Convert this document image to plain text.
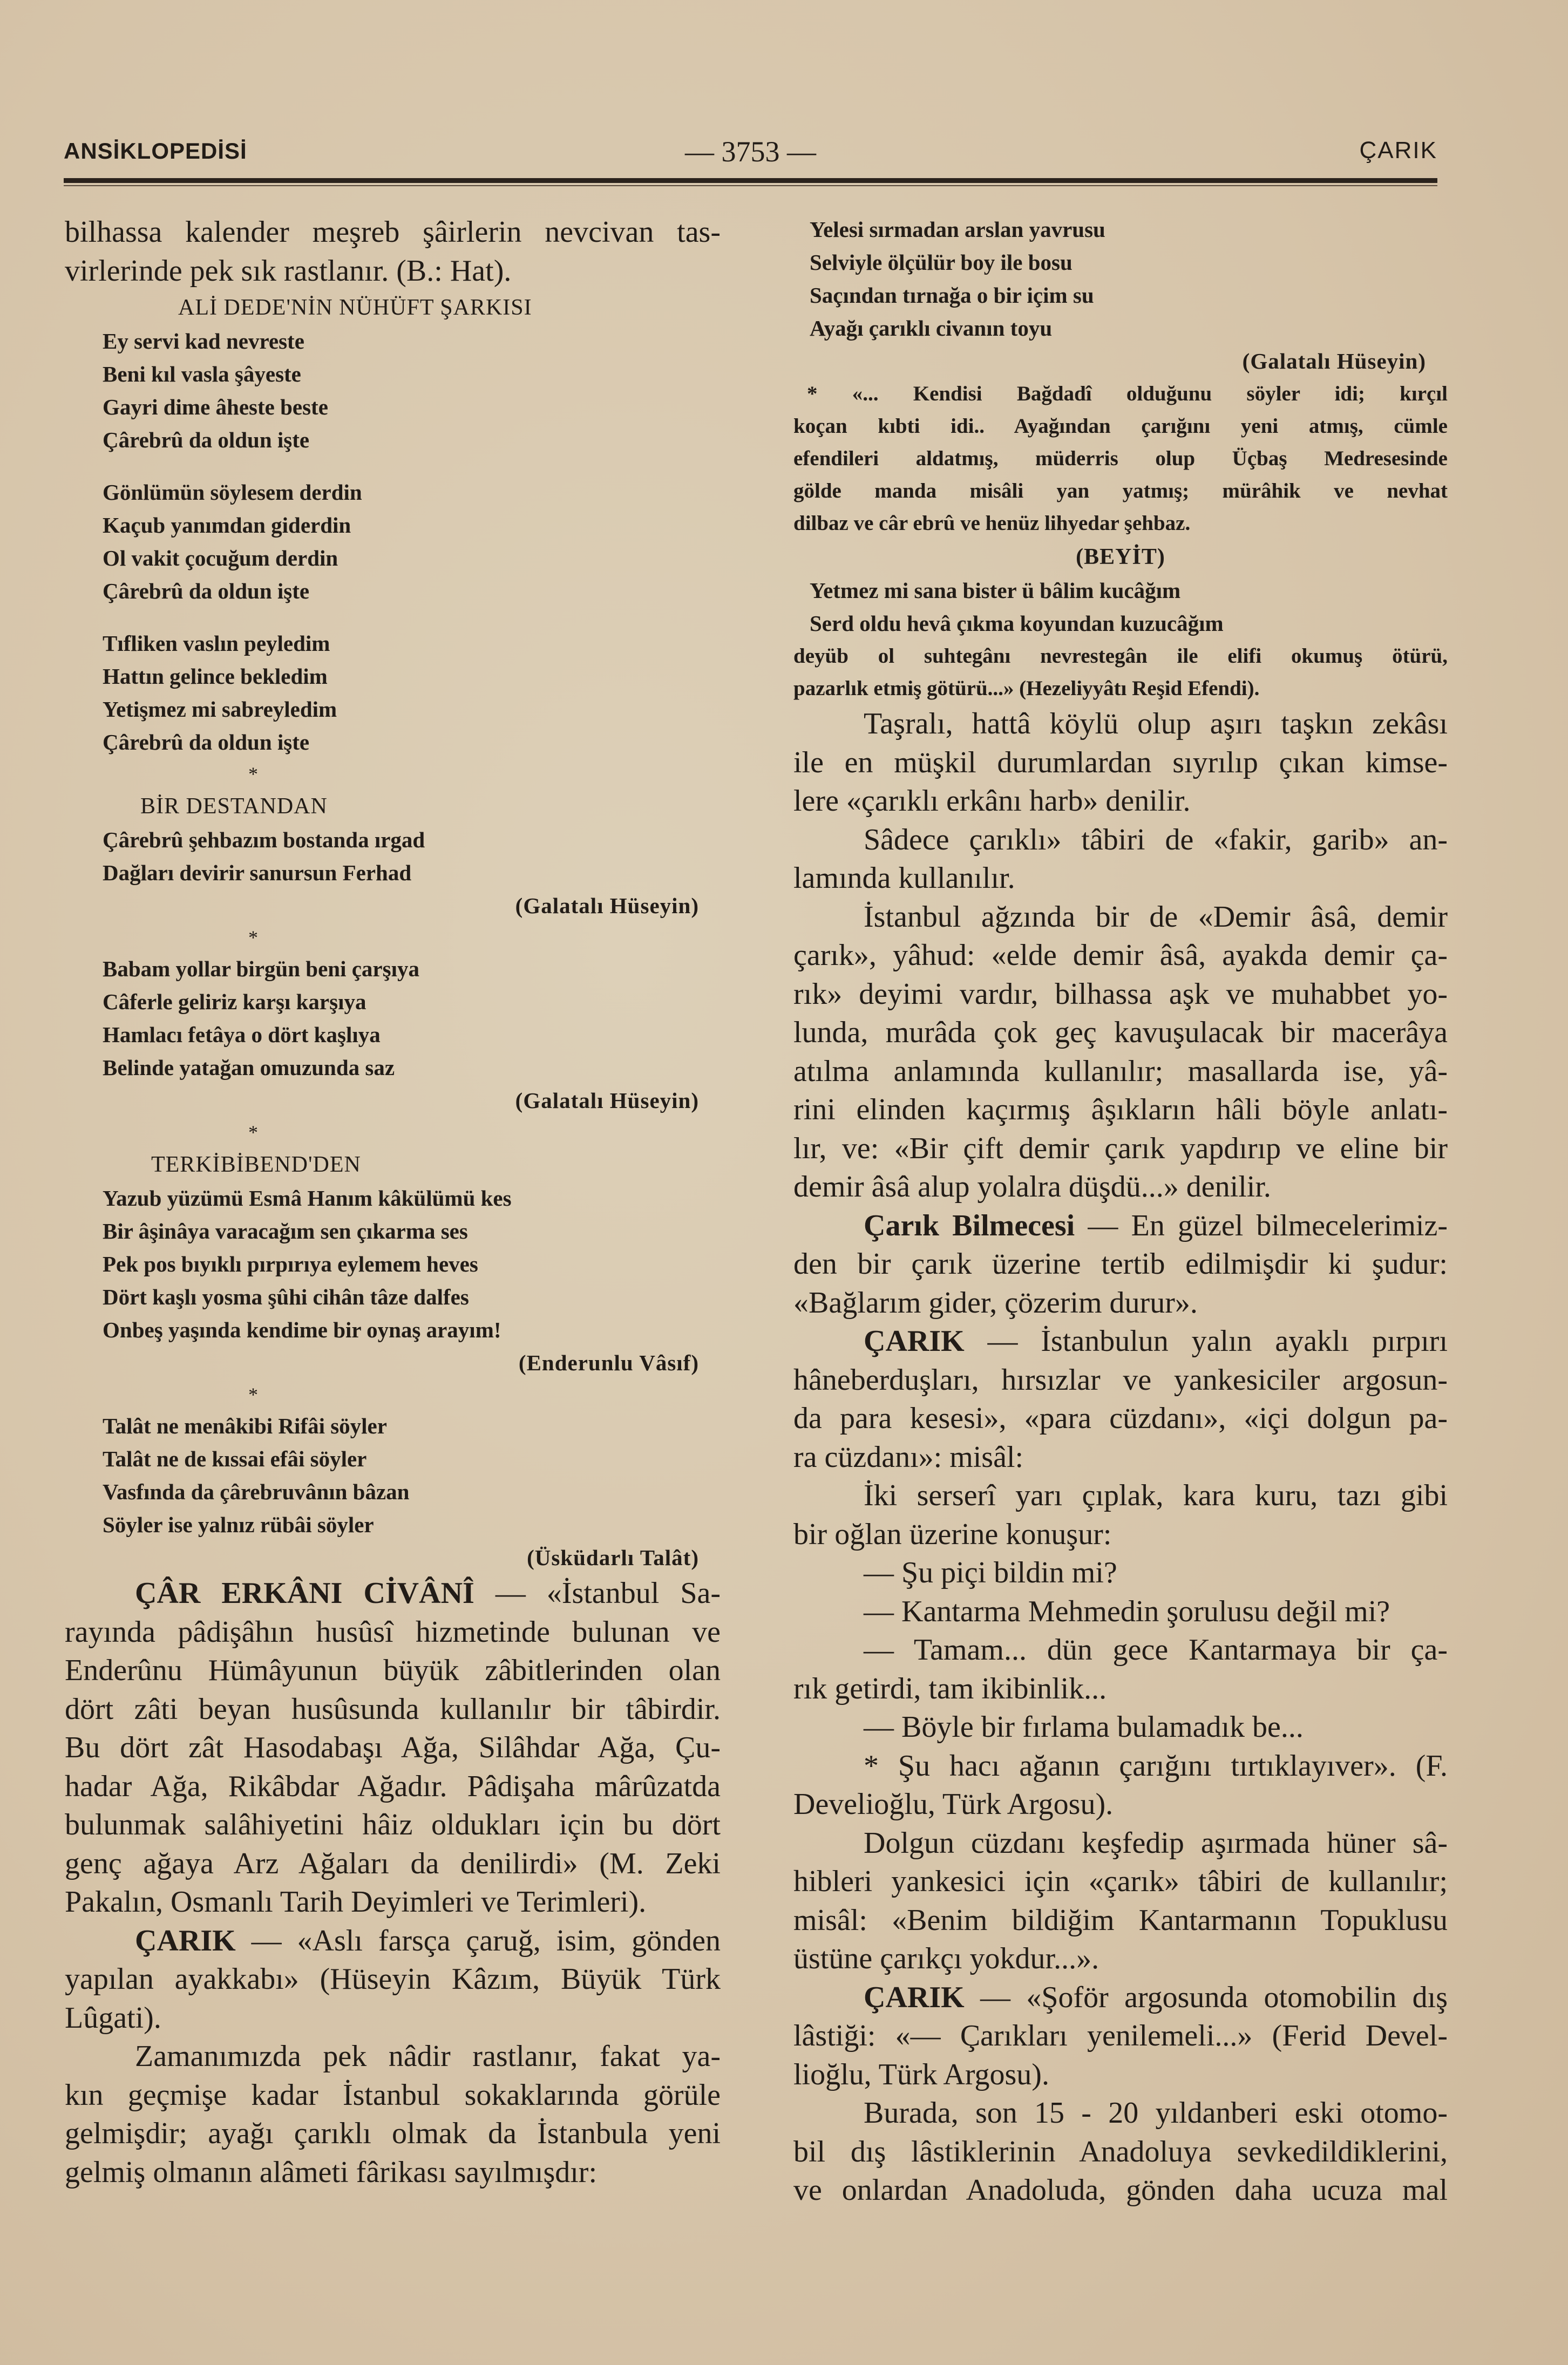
ANSİKLOPEDİSİ	— 3753 —	ÇARIK
bilhassa kalender meşreb şâirlerin nevcivan tas-
virlerinde pek sık rastlanır. (B.: Hat).
ALİ DEDE'NİN NÜHÜFT ŞARKISI
Ey servi kad nevreste
Beni kıl vasla şâyeste
Gayri dime âheste beste
Çârebrû da oldun işte
Gönlümün söylesem derdin
Kaçub yanımdan giderdin
Ol vakit çocuğum derdin
Çârebrû da oldun işte
Tıfliken vaslın peyledim
Hattın gelince bekledim
Yetişmez mi sabreyledim
Çârebrû da oldun işte
*
BİR DESTANDAN
Çârebrû şehbazım bostanda ırgad
Dağları devirir sanursun Ferhad
(Galatalı Hüseyin)
*
Babam yollar birgün beni çarşıya
Câferle geliriz karşı karşıya
Hamlacı fetâya o dört kaşlıya
Belinde yatağan omuzunda saz
(Galatalı Hüseyin)
*
TERKİBİBEND'DEN
Yazub yüzümü Esmâ Hanım kâkülümü kes
Bir âşinâya varacağım sen çıkarma ses
Pek pos bıyıklı pırpırıya eylemem heves
Dört kaşlı yosma şûhi cihân tâze dalfes
Onbeş yaşında kendime bir oynaş arayım!
(Enderunlu Vâsıf)
*
Talât ne menâkibi Rifâi söyler
Talât ne de kıssai efâi söyler
Vasfında da çârebruvânın bâzan
Söyler ise yalnız rübâi söyler
(Üsküdarlı Talât)
ÇÂR ERKÂNI CİVÂNÎ — «İstanbul Sa-
rayında pâdişâhın husûsî hizmetinde bulunan ve
Enderûnu Hümâyunun büyük zâbitlerinden olan
dört zâti beyan husûsunda kullanılır bir tâbirdir.
Bu dört zât Hasodabaşı Ağa, Silâhdar Ağa, Çu-
hadar Ağa, Rikâbdar Ağadır. Pâdişaha mârûzatda
bulunmak salâhiyetini hâiz oldukları için bu dört
genç ağaya Arz Ağaları da denilirdi» (M. Zeki
Pakalın, Osmanlı Tarih Deyimleri ve Terimleri).
ÇARIK — «Aslı farsça çaruğ, isim, gönden
yapılan ayakkabı» (Hüseyin Kâzım, Büyük Türk
Lûgati).
Zamanımızda pek nâdir rastlanır, fakat ya-
kın geçmişe kadar İstanbul sokaklarında görüle
gelmişdir; ayağı çarıklı olmak da İstanbula yeni
gelmiş olmanın alâmeti fârikası sayılmışdır:
Yelesi sırmadan arslan yavrusu
Selviyle ölçülür boy ile bosu
Saçından tırnağa o bir içim su
Ayağı çarıklı civanın toyu
(Galatalı Hüseyin)
* «... Kendisi Bağdadî olduğunu söyler idi; kırçıl
koçan kıbti idi.. Ayağından çarığını yeni atmış, cümle
efendileri aldatmış, müderris olup Üçbaş Medresesinde
gölde manda misâli yan yatmış; mürâhik ve nevhat
dilbaz ve câr ebrû ve henüz lihyedar şehbaz.
(BEYİT)
Yetmez mi sana bister ü bâlim kucâğım
Serd oldu hevâ çıkma koyundan kuzucâğım
deyüb ol suhtegânı nevrestegân ile elifi okumuş ötürü,
pazarlık etmiş götürü...» (Hezeliyyâtı Reşid Efendi).
Taşralı, hattâ köylü olup aşırı taşkın zekâsı
ile en müşkil durumlardan sıyrılıp çıkan kimse-
lere «çarıklı erkânı harb» denilir.
Sâdece çarıklı» tâbiri de «fakir, garib» an-
lamında kullanılır.
İstanbul ağzında bir de «Demir âsâ, demir
çarık», yâhud: «elde demir âsâ, ayakda demir ça-
rık» deyimi vardır, bilhassa aşk ve muhabbet yo-
lunda, murâda çok geç kavuşulacak bir macerâya
atılma anlamında kullanılır; masallarda ise, yâ-
rini elinden kaçırmış âşıkların hâli böyle anlatı-
lır, ve: «Bir çift demir çarık yapdırıp ve eline bir
demir âsâ alup yolalra düşdü...» denilir.
Çarık Bilmecesi — En güzel bilmecelerimiz-
den bir çarık üzerine tertib edilmişdir ki şudur:
«Bağlarım gider, çözerim durur».
ÇARIK — İstanbulun yalın ayaklı pırpırı
hâneberduşları, hırsızlar ve yankesiciler argosun-
da para kesesi», «para cüzdanı», «içi dolgun pa-
ra cüzdanı»: misâl:
İki serserî yarı çıplak, kara kuru, tazı gibi
bir oğlan üzerine konuşur:
— Şu piçi bildin mi?
— Kantarma Mehmedin şorulusu değil mi?
— Tamam... dün gece Kantarmaya bir ça-
rık getirdi, tam ikibinlik...
— Böyle bir fırlama bulamadık be...
* Şu hacı ağanın çarığını tırtıklayıver». (F.
Develioğlu, Türk Argosu).
Dolgun cüzdanı keşfedip aşırmada hüner sâ-
hibleri yankesici için «çarık» tâbiri de kullanılır;
misâl: «Benim bildiğim Kantarmanın Topuklusu
üstüne çarıkçı yokdur...».
ÇARIK — «Şoför argosunda otomobilin dış
lâstiği: «— Çarıkları yenilemeli...» (Ferid Devel-
lioğlu, Türk Argosu).
Burada, son 15 - 20 yıldanberi eski otomo-
bil dış lâstiklerinin Anadoluya sevkedildiklerini,
ve onlardan Anadoluda, gönden daha ucuza mal
